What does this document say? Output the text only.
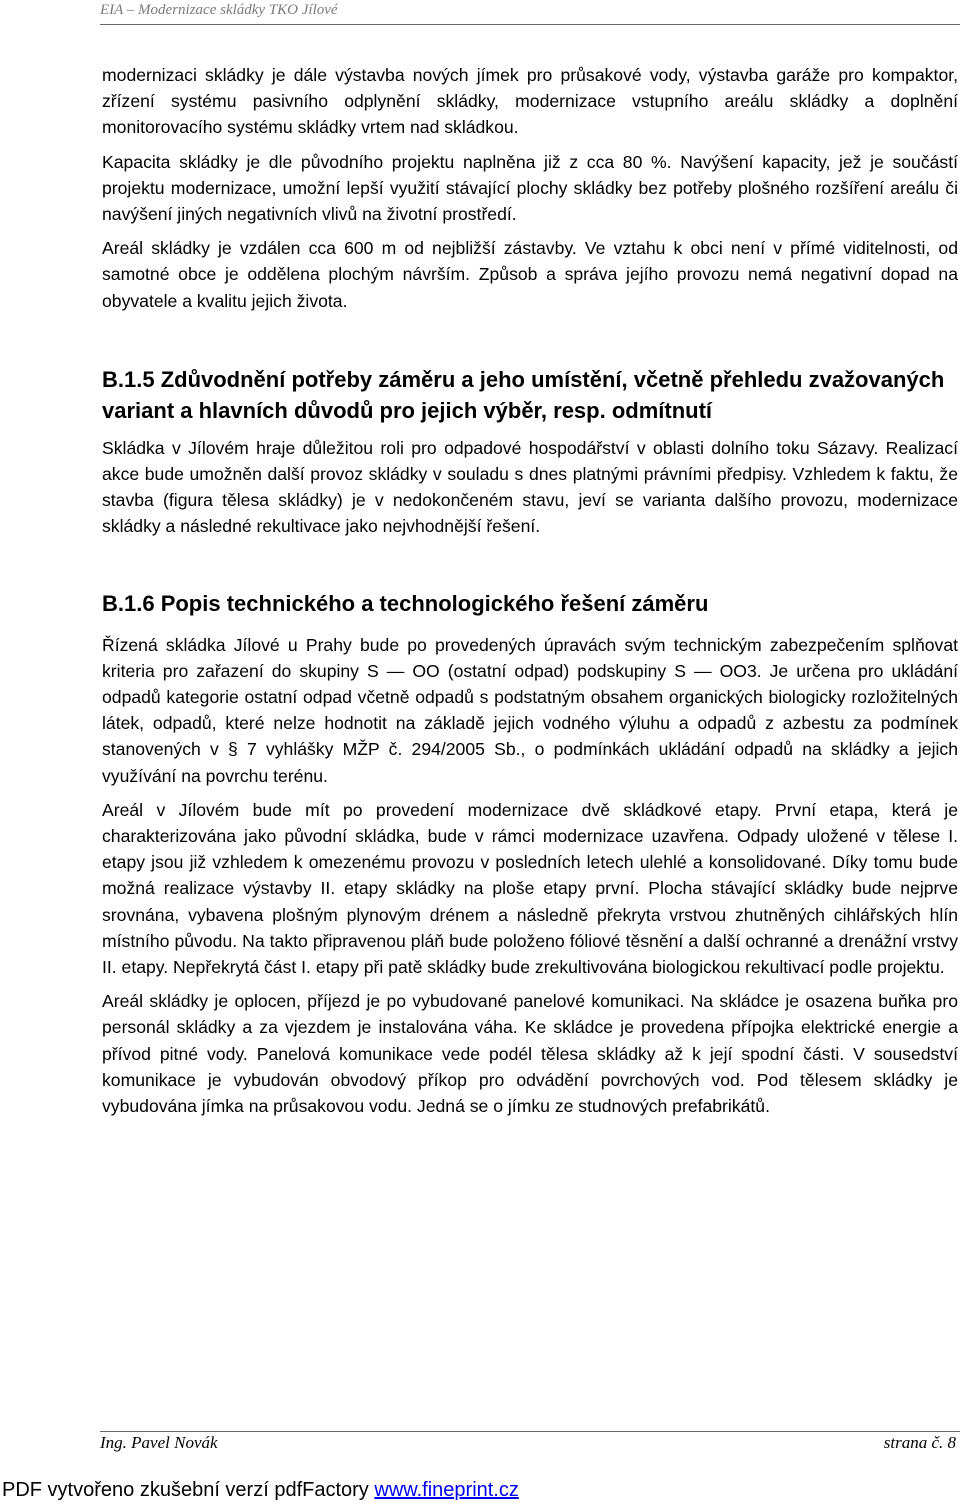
EIA – Modernizace skládky TKO Jílové

modernizaci skládky je dále výstavba nových jímek pro průsakové vody, výstavba garáže pro kompaktor, zřízení systému pasivního odplynění skládky, modernizace vstupního areálu skládky a doplnění monitorovacího systému skládky vrtem nad skládkou.

Kapacita skládky je dle původního projektu naplněna již z cca 80 %. Navýšení kapacity, jež je součástí projektu modernizace, umožní lepší využití stávající plochy skládky bez potřeby plošného rozšíření areálu či navýšení jiných negativních vlivů na životní prostředí.

Areál skládky je vzdálen cca 600 m od nejbližší zástavby. Ve vztahu k obci není v přímé viditelnosti, od samotné obce je oddělena plochým návrším. Způsob a správa jejího provozu nemá negativní dopad na obyvatele a kvalitu jejich života.

B.1.5 Zdůvodnění potřeby záměru a jeho umístění, včetně přehledu zvažovaných variant a hlavních důvodů pro jejich výběr, resp. odmítnutí

Skládka v Jílovém hraje důležitou roli pro odpadové hospodářství v oblasti dolního toku Sázavy. Realizací akce bude umožněn další provoz skládky v souladu s dnes platnými právními předpisy. Vzhledem k faktu, že stavba (figura tělesa skládky) je v nedokončeném stavu, jeví se varianta dalšího provozu, modernizace skládky a následné rekultivace jako nejvhodnější řešení.

B.1.6 Popis technického a technologického řešení záměru

Řízená skládka Jílové u Prahy bude po provedených úpravách svým technickým zabezpečením splňovat kriteria pro zařazení do skupiny S — OO (ostatní odpad) podskupiny S — OO3. Je určena pro ukládání odpadů kategorie ostatní odpad včetně odpadů s podstatným obsahem organických biologicky rozložitelných látek, odpadů, které nelze hodnotit na základě jejich vodného výluhu a odpadů z azbestu za podmínek stanovených v § 7 vyhlášky MŽP č. 294/2005 Sb., o podmínkách ukládání odpadů na skládky a jejich využívání na povrchu terénu.

Areál v Jílovém bude mít po provedení modernizace dvě skládkové etapy. První etapa, která je charakterizována jako původní skládka, bude v rámci modernizace uzavřena. Odpady uložené v tělese I. etapy jsou již vzhledem k omezenému provozu v posledních letech ulehlé a konsolidované. Díky tomu bude možná realizace výstavby II. etapy skládky na ploše etapy první. Plocha stávající skládky bude nejprve srovnána, vybavena plošným plynovým drénem a následně překryta vrstvou zhutněných cihlářských hlín místního původu. Na takto připravenou pláň bude položeno fóliové těsnění a další ochranné a drenážní vrstvy II. etapy. Nepřekrytá část I. etapy při patě skládky bude zrekultivována biologickou rekultivací podle projektu.

Areál skládky je oplocen, příjezd je po vybudované panelové komunikaci. Na skládce je osazena buňka pro personál skládky a za vjezdem je instalována váha. Ke skládce je provedena přípojka elektrické energie a přívod pitné vody. Panelová komunikace vede podél tělesa skládky až k její spodní části. V sousedství komunikace je vybudován obvodový příkop pro odvádění povrchových vod. Pod tělesem skládky je vybudována jímka na průsakovou vodu. Jedná se o jímku ze studnových prefabrikátů.

Ing. Pavel Novák	strana č. 8
PDF vytvořeno zkušební verzí pdfFactory www.fineprint.cz
